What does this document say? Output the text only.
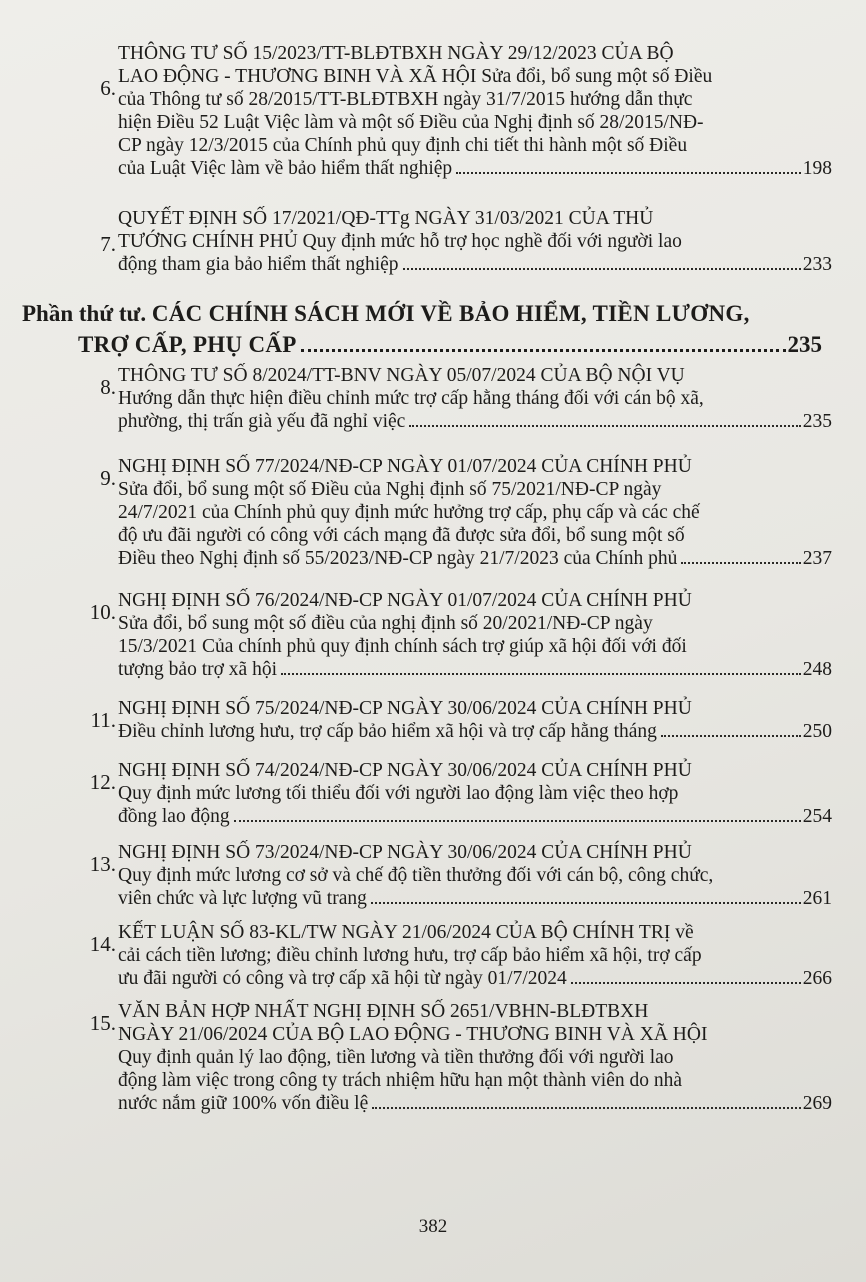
6.
THÔNG TƯ SỐ 15/2023/TT-BLĐTBXH NGÀY 29/12/2023 CỦA BỘ
LAO ĐỘNG - THƯƠNG BINH VÀ XÃ HỘI Sửa đổi, bổ sung một số Điều
của Thông tư số 28/2015/TT-BLĐTBXH ngày 31/7/2015 hướng dẫn thực
hiện Điều 52 Luật Việc làm và một số Điều của Nghị định số 28/2015/NĐ-
CP ngày 12/3/2015 của Chính phủ quy định chi tiết thi hành một số Điều
của Luật Việc làm về bảo hiểm thất nghiệp	198
7.
QUYẾT ĐỊNH SỐ 17/2021/QĐ-TTg NGÀY 31/03/2021 CỦA THỦ
TƯỚNG CHÍNH PHỦ Quy định mức hỗ trợ học nghề đối với người lao
động tham gia bảo hiểm thất nghiệp	233
Phần thứ tư. CÁC CHÍNH SÁCH MỚI VỀ BẢO HIỂM, TIỀN LƯƠNG,
TRỢ CẤP, PHỤ CẤP	235
8. THÔNG TƯ SỐ 8/2024/TT-BNV NGÀY 05/07/2024 CỦA BỘ NỘI VỤ
Hướng dẫn thực hiện điều chỉnh mức trợ cấp hằng tháng đối với cán bộ xã,
phường, thị trấn già yếu đã nghỉ việc	235
9. NGHỊ ĐỊNH SỐ 77/2024/NĐ-CP NGÀY 01/07/2024 CỦA CHÍNH PHỦ
Sửa đổi, bổ sung một số Điều của Nghị định số 75/2021/NĐ-CP ngày
24/7/2021 của Chính phủ quy định mức hưởng trợ cấp, phụ cấp và các chế
độ ưu đãi người có công với cách mạng đã được sửa đổi, bổ sung một số
Điều theo Nghị định số 55/2023/NĐ-CP ngày 21/7/2023 của Chính phủ	237
10. NGHỊ ĐỊNH SỐ 76/2024/NĐ-CP NGÀY 01/07/2024 CỦA CHÍNH PHỦ
Sửa đổi, bổ sung một số điều của nghị định số 20/2021/NĐ-CP ngày
15/3/2021 Của chính phủ quy định chính sách trợ giúp xã hội đối với đối
tượng bảo trợ xã hội	248
11. NGHỊ ĐỊNH SỐ 75/2024/NĐ-CP NGÀY 30/06/2024 CỦA CHÍNH PHỦ
Điều chỉnh lương hưu, trợ cấp bảo hiểm xã hội và trợ cấp hằng tháng	250
12. NGHỊ ĐỊNH SỐ 74/2024/NĐ-CP NGÀY 30/06/2024 CỦA CHÍNH PHỦ
Quy định mức lương tối thiểu đối với người lao động làm việc theo hợp
đồng lao động	254
13. NGHỊ ĐỊNH SỐ 73/2024/NĐ-CP NGÀY 30/06/2024 CỦA CHÍNH PHỦ
Quy định mức lương cơ sở và chế độ tiền thưởng đối với cán bộ, công chức,
viên chức và lực lượng vũ trang	261
14. KẾT LUẬN SỐ 83-KL/TW NGÀY 21/06/2024 CỦA BỘ CHÍNH TRỊ về
cải cách tiền lương; điều chỉnh lương hưu, trợ cấp bảo hiểm xã hội, trợ cấp
ưu đãi người có công và trợ cấp xã hội từ ngày 01/7/2024	266
15. VĂN BẢN HỢP NHẤT NGHỊ ĐỊNH SỐ 2651/VBHN-BLĐTBXH
NGÀY 21/06/2024 CỦA BỘ LAO ĐỘNG - THƯƠNG BINH VÀ XÃ HỘI
Quy định quản lý lao động, tiền lương và tiền thưởng đối với người lao
động làm việc trong công ty trách nhiệm hữu hạn một thành viên do nhà
nước nắm giữ 100% vốn điều lệ	269
382
